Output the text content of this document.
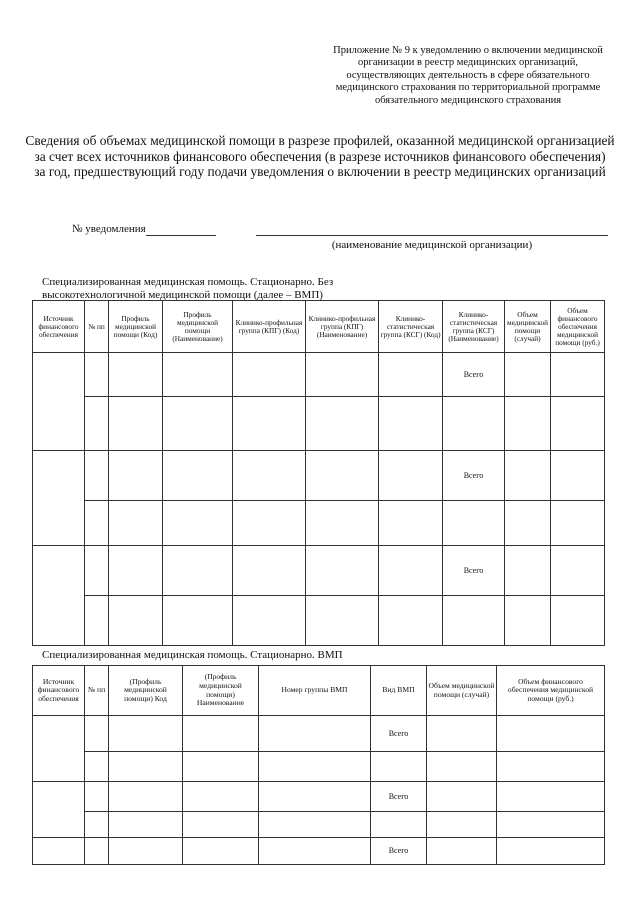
Приложение № 9 к уведомлению о включении медицинской
организации в реестр медицинских организаций,
осуществляющих деятельность в сфере обязательного
медицинского страхования по территориальной программе
обязательного медицинского страхования
Сведения об объемах медицинской помощи в разрезе профилей, оказанной медицинской организацией
за счет всех источников финансового обеспечения (в разрезе источников финансового обеспечения)
за год, предшествующий году подачи уведомления о включении в реестр медицинских организаций
№ уведомления
(наименование медицинской организации)
Специализированная медицинская помощь. Стационарно. Без
высокотехнологичной медицинской помощи (далее – ВМП)
Источник финансового обеспечения	№ пп	Профиль медицинской помощи (Код)	Профиль медицинской помощи (Наименование)	Клинико-профильная группа (КПГ) (Код)	Клинико-профильная группа (КПГ) (Наименование)	Клинико-статистическая группа (КСГ) (Код)	Клинико-статистическая группа (КСГ) (Наименование)	Объем медицинской помощи (случай)	Объем финансового обеспечения медицинской помощи (руб.)
							Всего		

							Всего		

							Всего		

Специализированная медицинская помощь. Стационарно. ВМП
Источник финансового обеспечения	№ пп	(Профиль медицинской помощи) Код	(Профиль медицинской помощи) Наименование	Номер группы ВМП	Вид ВМП	Объем медицинской помощи (случай)	Объем финансового обеспечения медицинской помощи (руб.)
					Всего		

					Всего		

					Всего		
